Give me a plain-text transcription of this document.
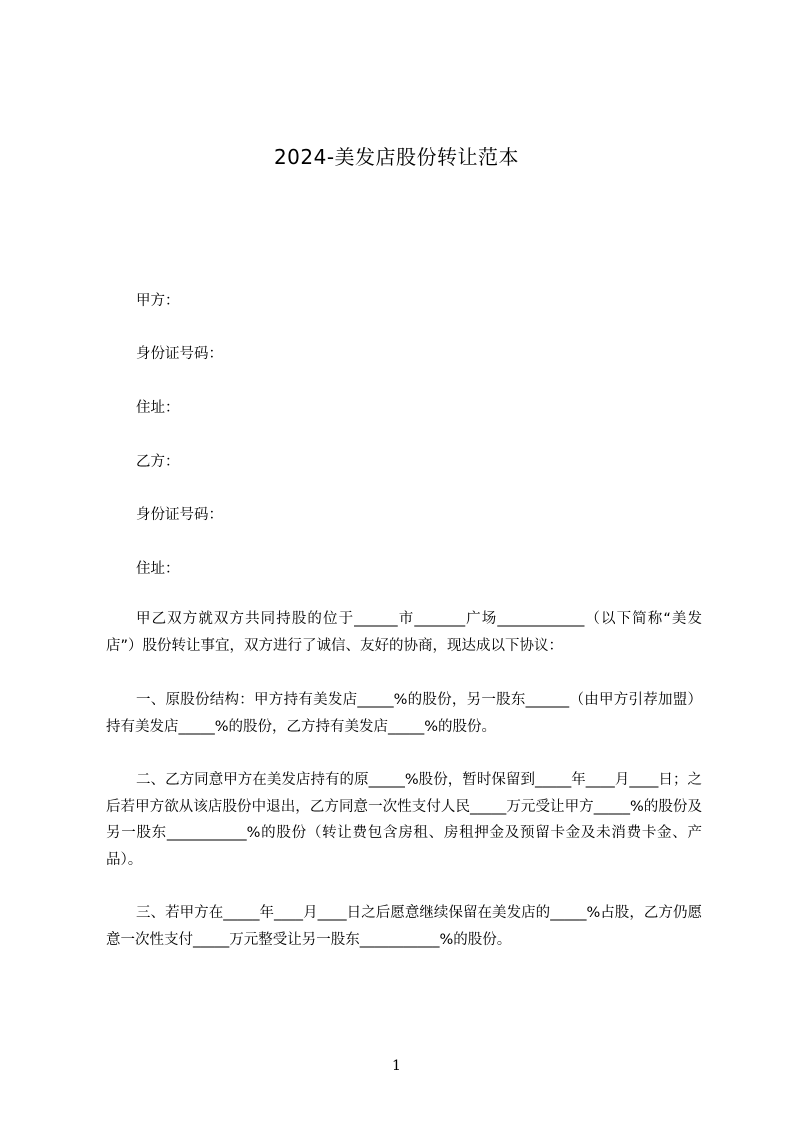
2024-美发店股份转让范本
甲方：
身份证号码：
住址：
乙方：
身份证号码：
住址：
甲乙双方就双方共同持股的位于______市_______广场____________（以下简称“美发店”）股份转让事宜，双方进行了诚信、友好的协商，现达成以下协议：
一、原股份结构：甲方持有美发店_____%的股份，另一股东______（由甲方引荐加盟）持有美发店_____%的股份，乙方持有美发店_____%的股份。
二、乙方同意甲方在美发店持有的原_____%股份，暂时保留到_____年____月____日；之后若甲方欲从该店股份中退出，乙方同意一次性支付人民_____万元受让甲方_____%的股份及另一股东___________%的股份（转让费包含房租、房租押金及预留卡金及未消费卡金、产品）。
三、若甲方在_____年____月____日之后愿意继续保留在美发店的_____%占股，乙方仍愿意一次性支付_____万元整受让另一股东___________%的股份。
1
